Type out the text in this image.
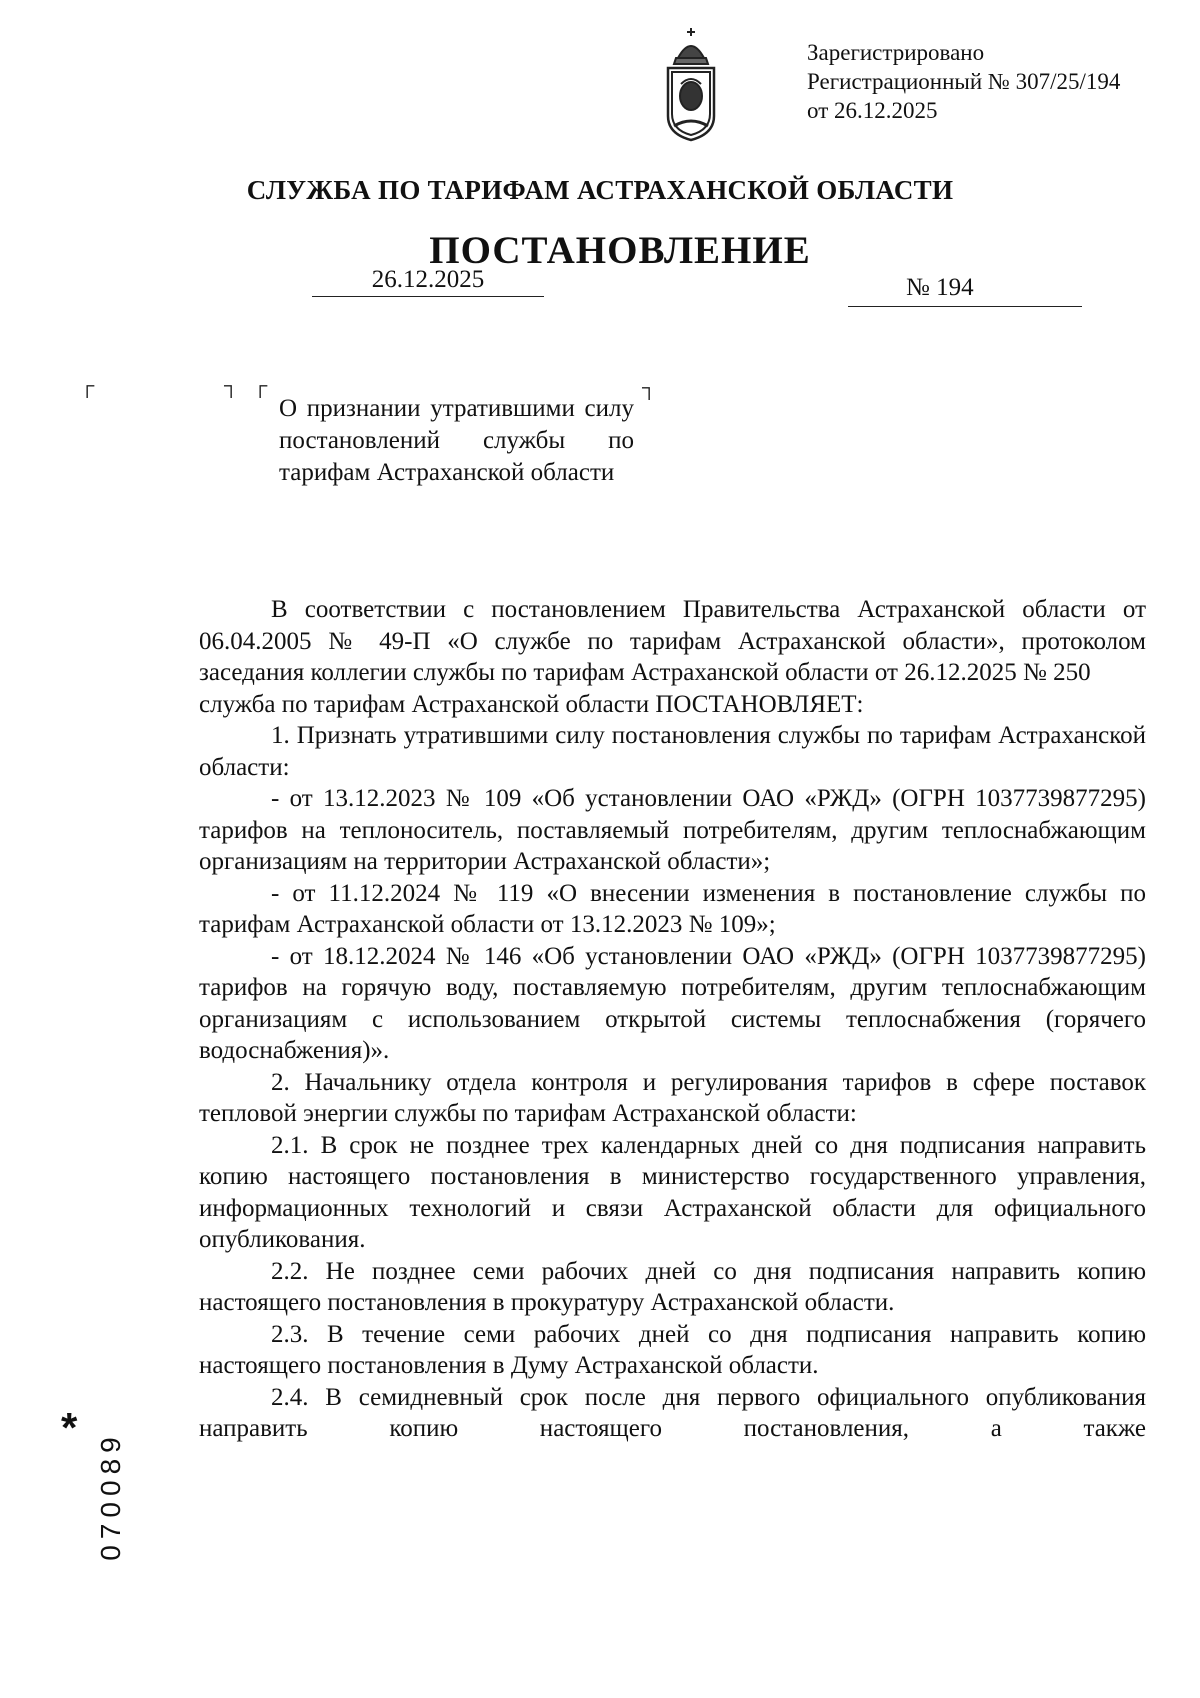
Зарегистрировано
Регистрационный № 307/25/194
от 26.12.2025
СЛУЖБА ПО ТАРИФАМ АСТРАХАНСКОЙ ОБЛАСТИ
ПОСТАНОВЛЕНИЕ
26.12.2025	№ 194
┌	┐ ┌	┐
О признании утратившими силу постановлений службы по тарифам Астраханской области

В соответствии с постановлением Правительства Астраханской области от 06.04.2005 № 49-П «О службе по тарифам Астраханской области», протоколом заседания коллегии службы по тарифам Астраханской области от 26.12.2025 № 250

служба по тарифам Астраханской области ПОСТАНОВЛЯЕТ:

1. Признать утратившими силу постановления службы по тарифам Астраханской области:

- от 13.12.2023 № 109 «Об установлении ОАО «РЖД» (ОГРН 1037739877295) тарифов на теплоноситель, поставляемый потребителям, другим теплоснабжающим организациям на территории Астраханской области»;

- от 11.12.2024 № 119 «О внесении изменения в постановление службы по тарифам Астраханской области от 13.12.2023 № 109»;

- от 18.12.2024 № 146 «Об установлении ОАО «РЖД» (ОГРН 1037739877295) тарифов на горячую воду, поставляемую потребителям, другим теплоснабжающим организациям с использованием открытой системы теплоснабжения (горячего водоснабжения)».

2. Начальнику отдела контроля и регулирования тарифов в сфере поставок тепловой энергии службы по тарифам Астраханской области:

2.1. В срок не позднее трех календарных дней со дня подписания направить копию настоящего постановления в министерство государственного управления, информационных технологий и связи Астраханской области для официального опубликования.

2.2. Не позднее семи рабочих дней со дня подписания направить копию настоящего постановления в прокуратуру Астраханской области.

2.3. В течение семи рабочих дней со дня подписания направить копию настоящего постановления в Думу Астраханской области.

2.4. В семидневный срок после дня первого официального опубликования направить копию настоящего постановления, а также

*
070089
